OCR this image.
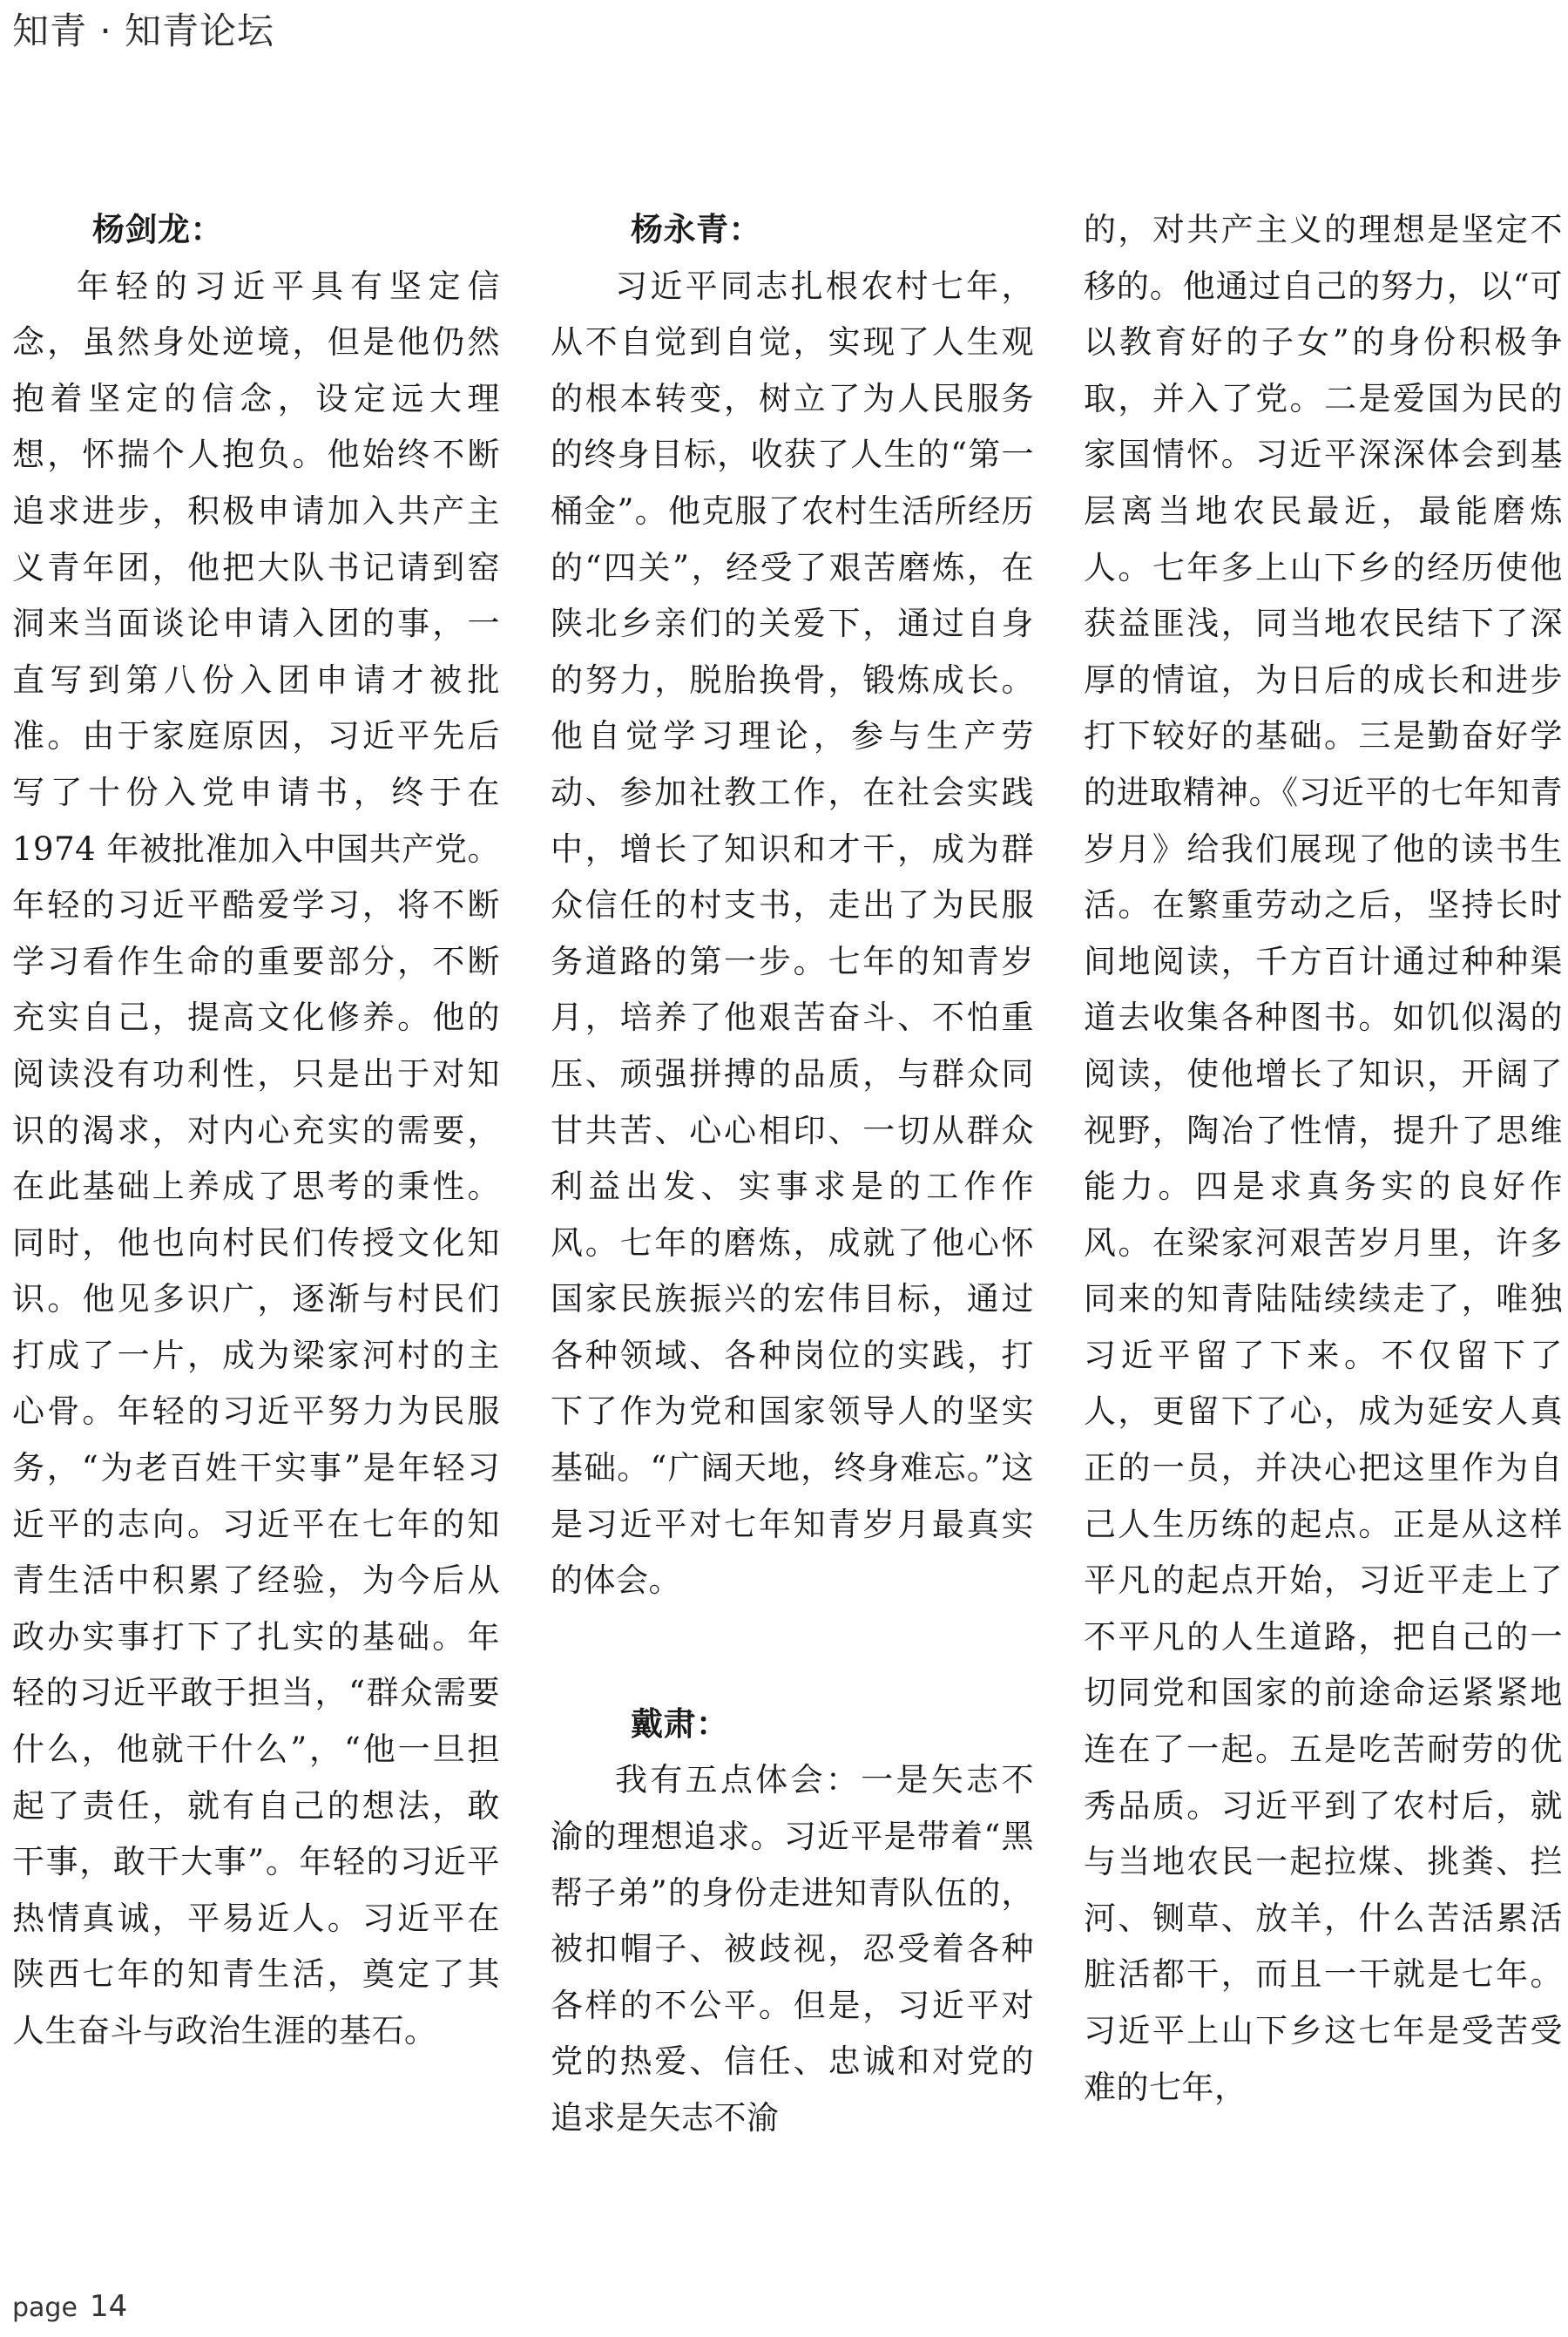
知青 · 知青论坛

杨剑龙：

年轻的习近平具有坚定信念，虽然身处逆境，但是他仍然抱着坚定的信念，设定远大理想，怀揣个人抱负。他始终不断追求进步，积极申请加入共产主义青年团，他把大队书记请到窑洞来当面谈论申请入团的事，一直写到第八份入团申请才被批准。由于家庭原因，习近平先后写了十份入党申请书，终于在 1974 年被批准加入中国共产党。年轻的习近平酷爱学习，将不断学习看作生命的重要部分，不断充实自己，提高文化修养。他的阅读没有功利性，只是出于对知识的渴求，对内心充实的需要，在此基础上养成了思考的秉性。同时，他也向村民们传授文化知识。他见多识广，逐渐与村民们打成了一片，成为梁家河村的主心骨。年轻的习近平努力为民服务，“为老百姓干实事”是年轻习近平的志向。习近平在七年的知青生活中积累了经验，为今后从政办实事打下了扎实的基础。年轻的习近平敢于担当，“群众需要什么，他就干什么”，“他一旦担起了责任，就有自己的想法，敢干事，敢干大事”。年轻的习近平热情真诚，平易近人。习近平在陕西七年的知青生活，奠定了其人生奋斗与政治生涯的基石。

杨永青：

习近平同志扎根农村七年，从不自觉到自觉，实现了人生观的根本转变，树立了为人民服务的终身目标，收获了人生的“第一桶金”。他克服了农村生活所经历的“四关”，经受了艰苦磨炼，在陕北乡亲们的关爱下，通过自身的努力，脱胎换骨，锻炼成长。他自觉学习理论，参与生产劳动、参加社教工作，在社会实践中，增长了知识和才干，成为群众信任的村支书，走出了为民服务道路的第一步。七年的知青岁月，培养了他艰苦奋斗、不怕重压、顽强拼搏的品质，与群众同甘共苦、心心相印、一切从群众利益出发、实事求是的工作作风。七年的磨炼，成就了他心怀国家民族振兴的宏伟目标，通过各种领域、各种岗位的实践，打下了作为党和国家领导人的坚实基础。“广阔天地，终身难忘。”这是习近平对七年知青岁月最真实的体会。

戴肃：

我有五点体会：一是矢志不渝的理想追求。习近平是带着“黑帮子弟”的身份走进知青队伍的，被扣帽子、被歧视，忍受着各种各样的不公平。但是，习近平对党的热爱、信任、忠诚和对党的追求是矢志不渝

的，对共产主义的理想是坚定不移的。他通过自己的努力，以“可以教育好的子女”的身份积极争取，并入了党。二是爱国为民的家国情怀。习近平深深体会到基层离当地农民最近，最能磨炼人。七年多上山下乡的经历使他获益匪浅，同当地农民结下了深厚的情谊，为日后的成长和进步打下较好的基础。三是勤奋好学的进取精神。《习近平的七年知青岁月》给我们展现了他的读书生活。在繁重劳动之后，坚持长时间地阅读，千方百计通过种种渠道去收集各种图书。如饥似渴的阅读，使他增长了知识，开阔了视野，陶冶了性情，提升了思维能力。四是求真务实的良好作风。在梁家河艰苦岁月里，许多同来的知青陆陆续续走了，唯独习近平留了下来。不仅留下了人，更留下了心，成为延安人真正的一员，并决心把这里作为自己人生历练的起点。正是从这样平凡的起点开始，习近平走上了不平凡的人生道路，把自己的一切同党和国家的前途命运紧紧地连在了一起。五是吃苦耐劳的优秀品质。习近平到了农村后，就与当地农民一起拉煤、挑粪、拦河、铡草、放羊，什么苦活累活脏活都干，而且一干就是七年。习近平上山下乡这七年是受苦受难的七年，

page 14
